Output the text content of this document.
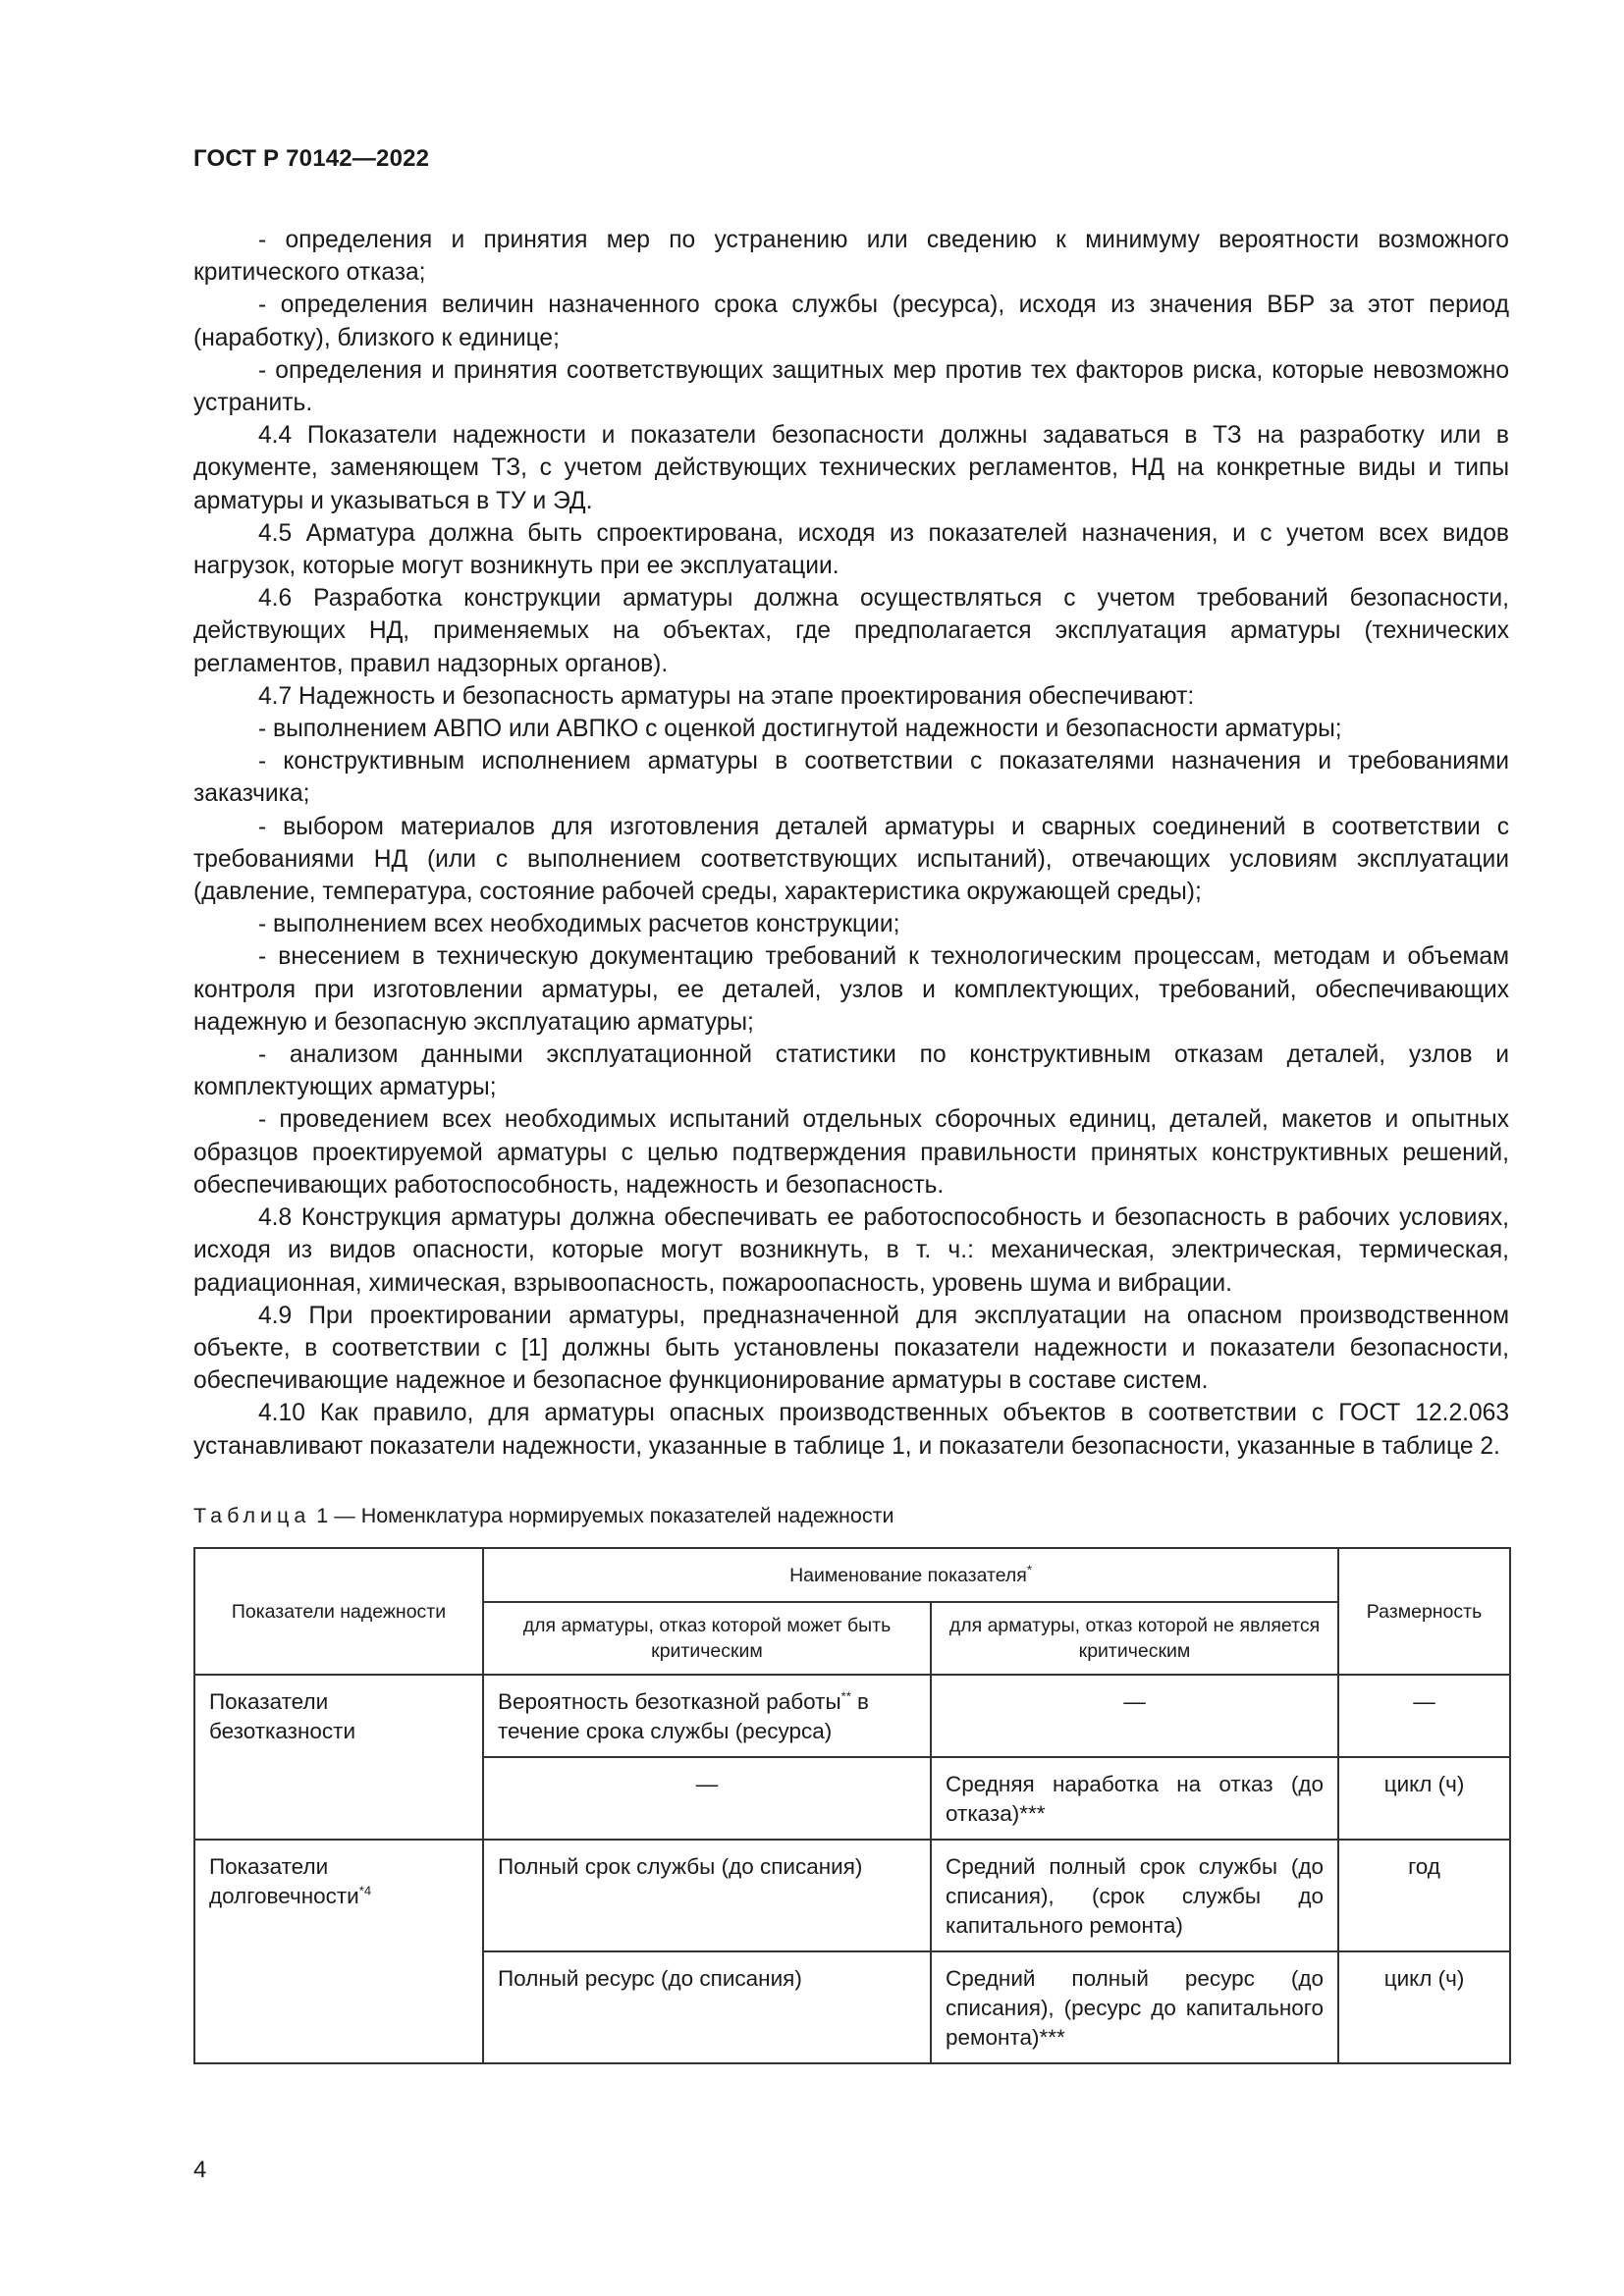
ГОСТ Р 70142—2022

- определения и принятия мер по устранению или сведению к минимуму вероятности возможного критического отказа;

- определения величин назначенного срока службы (ресурса), исходя из значения ВБР за этот период (наработку), близкого к единице;

- определения и принятия соответствующих защитных мер против тех факторов риска, которые невозможно устранить.

4.4 Показатели надежности и показатели безопасности должны задаваться в ТЗ на разработку или в документе, заменяющем ТЗ, с учетом действующих технических регламентов, НД на конкретные виды и типы арматуры и указываться в ТУ и ЭД.

4.5 Арматура должна быть спроектирована, исходя из показателей назначения, и с учетом всех видов нагрузок, которые могут возникнуть при ее эксплуатации.

4.6 Разработка конструкции арматуры должна осуществляться с учетом требований безопасности, действующих НД, применяемых на объектах, где предполагается эксплуатация арматуры (технических регламентов, правил надзорных органов).

4.7 Надежность и безопасность арматуры на этапе проектирования обеспечивают:

- выполнением АВПО или АВПКО с оценкой достигнутой надежности и безопасности арматуры;

- конструктивным исполнением арматуры в соответствии с показателями назначения и требованиями заказчика;

- выбором материалов для изготовления деталей арматуры и сварных соединений в соответствии с требованиями НД (или с выполнением соответствующих испытаний), отвечающих условиям эксплуатации (давление, температура, состояние рабочей среды, характеристика окружающей среды);

- выполнением всех необходимых расчетов конструкции;

- внесением в техническую документацию требований к технологическим процессам, методам и объемам контроля при изготовлении арматуры, ее деталей, узлов и комплектующих, требований, обеспечивающих надежную и безопасную эксплуатацию арматуры;

- анализом данными эксплуатационной статистики по конструктивным отказам деталей, узлов и комплектующих арматуры;

- проведением всех необходимых испытаний отдельных сборочных единиц, деталей, макетов и опытных образцов проектируемой арматуры с целью подтверждения правильности принятых конструктивных решений, обеспечивающих работоспособность, надежность и безопасность.

4.8 Конструкция арматуры должна обеспечивать ее работоспособность и безопасность в рабочих условиях, исходя из видов опасности, которые могут возникнуть, в т. ч.: механическая, электрическая, термическая, радиационная, химическая, взрывоопасность, пожароопасность, уровень шума и вибрации.

4.9 При проектировании арматуры, предназначенной для эксплуатации на опасном производственном объекте, в соответствии с [1] должны быть установлены показатели надежности и показатели безопасности, обеспечивающие надежное и безопасное функционирование арматуры в составе систем.

4.10 Как правило, для арматуры опасных производственных объектов в соответствии с ГОСТ 12.2.063 устанавливают показатели надежности, указанные в таблице 1, и показатели безопасности, указанные в таблице 2.

Таблица 1 — Номенклатура нормируемых показателей надежности
Показатели надежности	Наименование показателя*		Размерность
	для арматуры, отказ которой может быть критическим	для арматуры, отказ которой не является критическим	
Показатели безотказности	Вероятность безотказной работы** в течение срока службы (ресурса)	—	—
	—	Средняя наработка на отказ (до отказа)***	цикл (ч)
Показатели долговечности$^{*4}$	Полный срок службы (до списания)	Средний полный срок службы (до списания), (срок службы до капитального ремонта)	год
	Полный ресурс (до списания)	Средний полный ресурс (до списания), (ресурс до капитального ремонта)***	цикл (ч)
4
